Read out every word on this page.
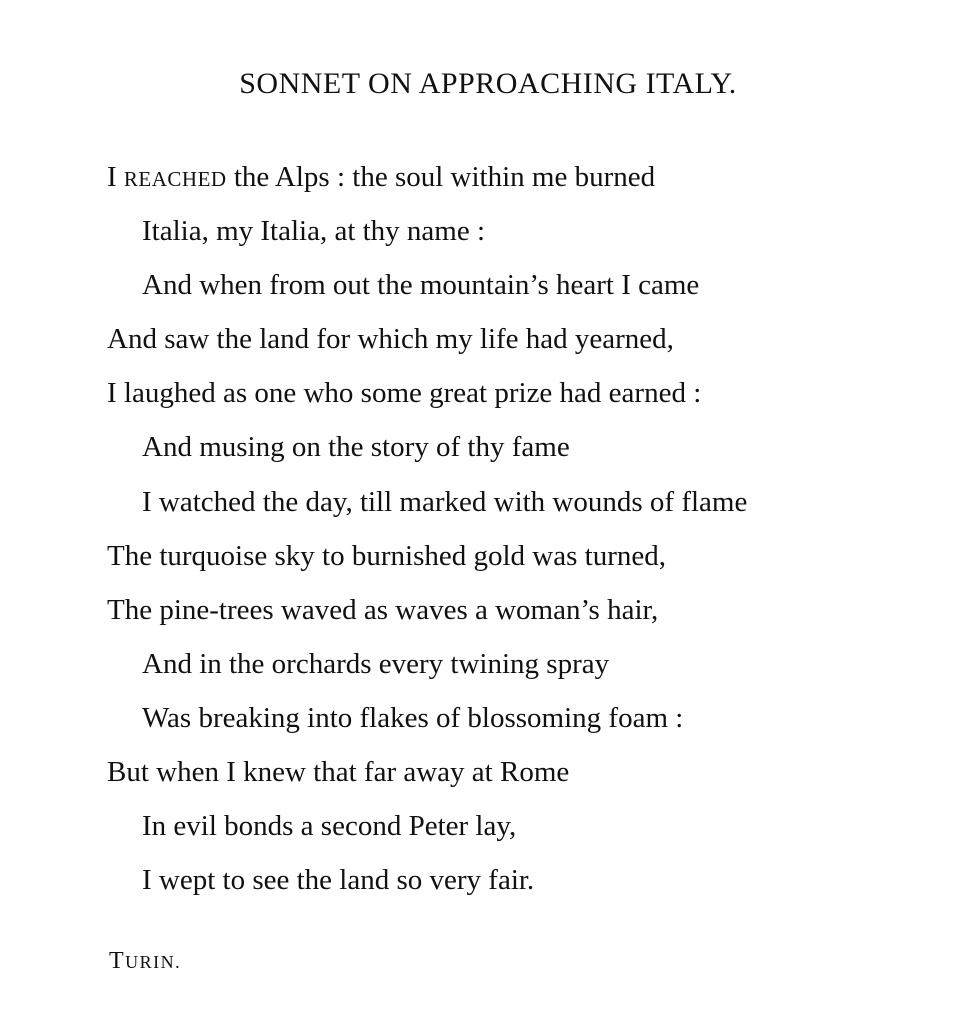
SONNET ON APPROACHING ITALY.
I REACHED the Alps : the soul within me burned
Italia, my Italia, at thy name :
And when from out the mountain’s heart I came
And saw the land for which my life had yearned,
I laughed as one who some great prize had earned :
And musing on the story of thy fame
I watched the day, till marked with wounds of flame
The turquoise sky to burnished gold was turned,
The pine-trees waved as waves a woman’s hair,
And in the orchards every twining spray
Was breaking into flakes of blossoming foam :
But when I knew that far away at Rome
In evil bonds a second Peter lay,
I wept to see the land so very fair.

TURIN.
